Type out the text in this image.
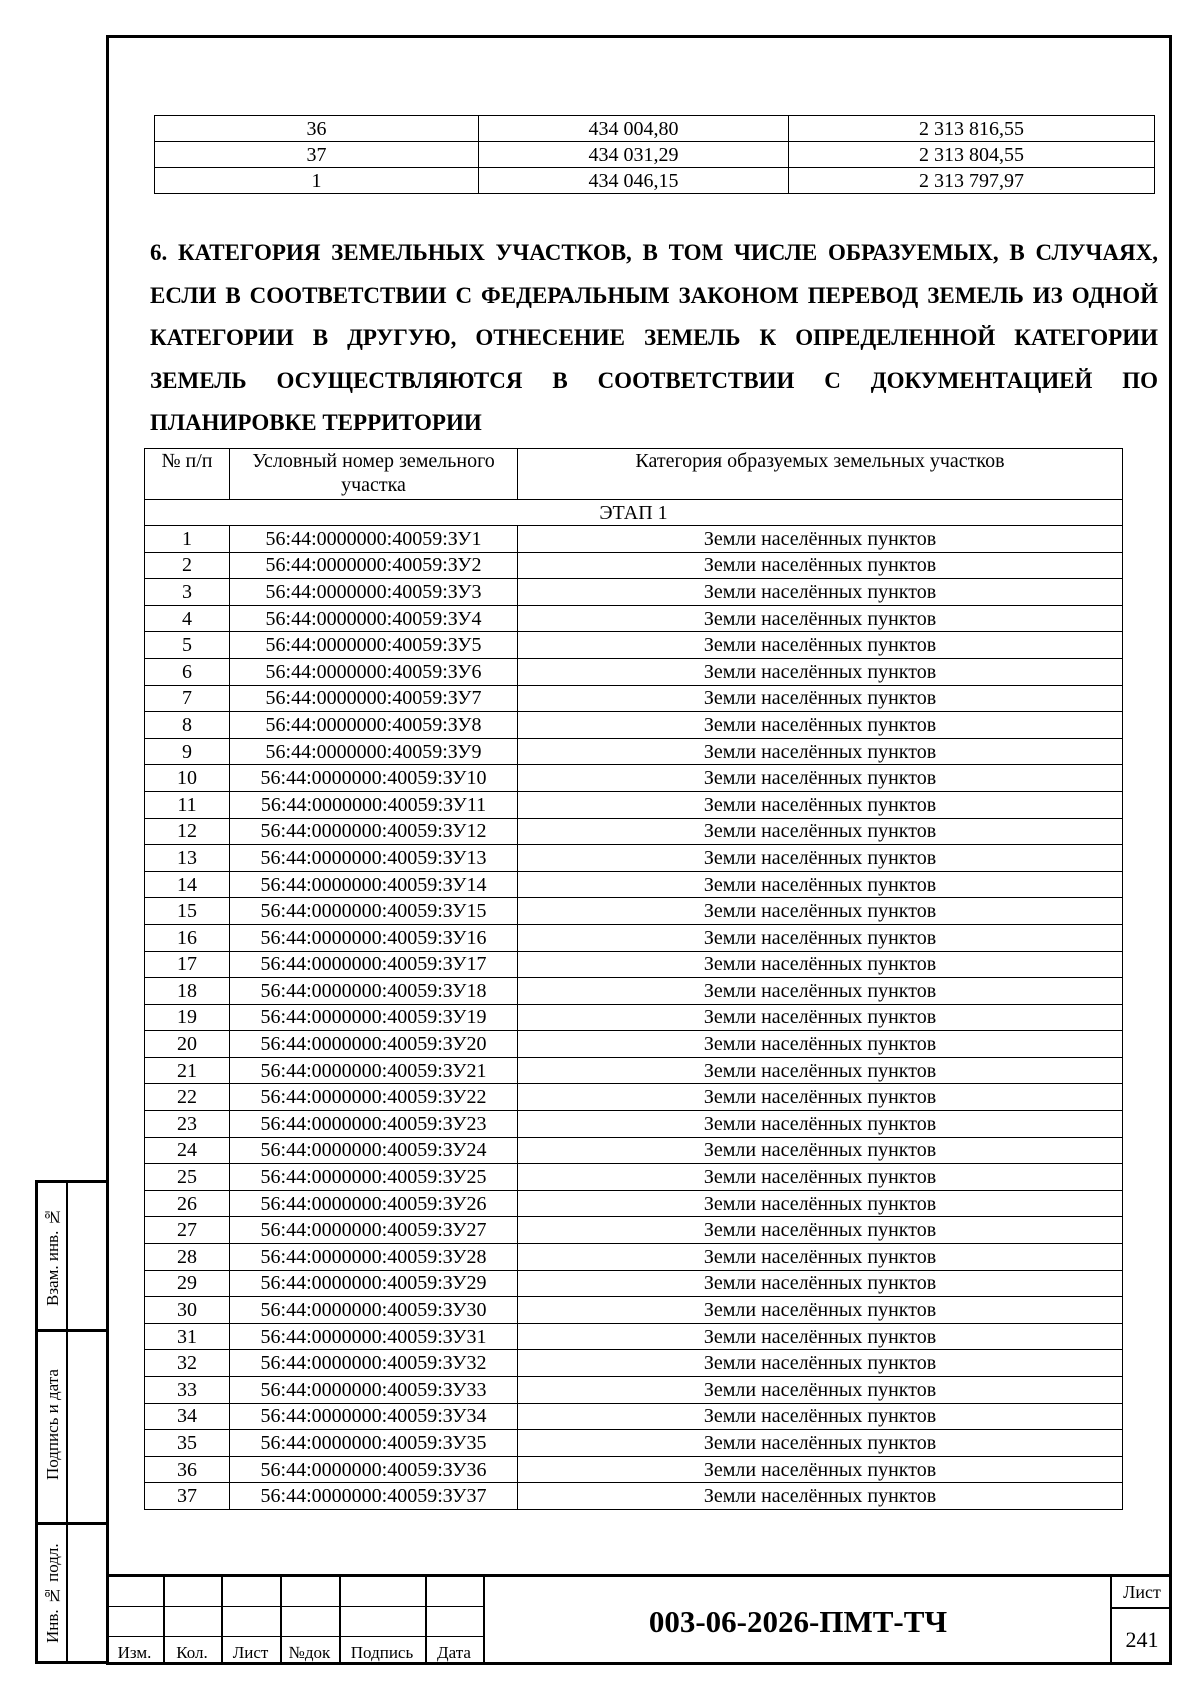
36	434 004,80	2 313 816,55
37	434 031,29	2 313 804,55
1	434 046,15	2 313 797,97

6. КАТЕГОРИЯ ЗЕМЕЛЬНЫХ УЧАСТКОВ, В ТОМ ЧИСЛЕ ОБРАЗУЕМЫХ, В СЛУЧАЯХ, ЕСЛИ В СООТВЕТСТВИИ С ФЕДЕРАЛЬНЫМ ЗАКОНОМ ПЕРЕВОД ЗЕМЕЛЬ ИЗ ОДНОЙ КАТЕГОРИИ В ДРУГУЮ, ОТНЕСЕНИЕ ЗЕМЕЛЬ К ОПРЕДЕЛЕННОЙ КАТЕГОРИИ ЗЕМЕЛЬ ОСУЩЕСТВЛЯЮТСЯ В СООТВЕТСТВИИ С ДОКУМЕНТАЦИЕЙ ПО ПЛАНИРОВКЕ ТЕРРИТОРИИ

№ п/п	Условный номер земельного участка	Категория образуемых земельных участков
ЭТАП 1		
1	56:44:0000000:40059:ЗУ1	Земли населённых пунктов
2	56:44:0000000:40059:ЗУ2	Земли населённых пунктов
3	56:44:0000000:40059:ЗУ3	Земли населённых пунктов
4	56:44:0000000:40059:ЗУ4	Земли населённых пунктов
5	56:44:0000000:40059:ЗУ5	Земли населённых пунктов
6	56:44:0000000:40059:ЗУ6	Земли населённых пунктов
7	56:44:0000000:40059:ЗУ7	Земли населённых пунктов
8	56:44:0000000:40059:ЗУ8	Земли населённых пунктов
9	56:44:0000000:40059:ЗУ9	Земли населённых пунктов
10	56:44:0000000:40059:ЗУ10	Земли населённых пунктов
11	56:44:0000000:40059:ЗУ11	Земли населённых пунктов
12	56:44:0000000:40059:ЗУ12	Земли населённых пунктов
13	56:44:0000000:40059:ЗУ13	Земли населённых пунктов
14	56:44:0000000:40059:ЗУ14	Земли населённых пунктов
15	56:44:0000000:40059:ЗУ15	Земли населённых пунктов
16	56:44:0000000:40059:ЗУ16	Земли населённых пунктов
17	56:44:0000000:40059:ЗУ17	Земли населённых пунктов
18	56:44:0000000:40059:ЗУ18	Земли населённых пунктов
19	56:44:0000000:40059:ЗУ19	Земли населённых пунктов
20	56:44:0000000:40059:ЗУ20	Земли населённых пунктов
21	56:44:0000000:40059:ЗУ21	Земли населённых пунктов
22	56:44:0000000:40059:ЗУ22	Земли населённых пунктов
23	56:44:0000000:40059:ЗУ23	Земли населённых пунктов
24	56:44:0000000:40059:ЗУ24	Земли населённых пунктов
25	56:44:0000000:40059:ЗУ25	Земли населённых пунктов
26	56:44:0000000:40059:ЗУ26	Земли населённых пунктов
27	56:44:0000000:40059:ЗУ27	Земли населённых пунктов
28	56:44:0000000:40059:ЗУ28	Земли населённых пунктов
29	56:44:0000000:40059:ЗУ29	Земли населённых пунктов
30	56:44:0000000:40059:ЗУ30	Земли населённых пунктов
31	56:44:0000000:40059:ЗУ31	Земли населённых пунктов
32	56:44:0000000:40059:ЗУ32	Земли населённых пунктов
33	56:44:0000000:40059:ЗУ33	Земли населённых пунктов
34	56:44:0000000:40059:ЗУ34	Земли населённых пунктов
35	56:44:0000000:40059:ЗУ35	Земли населённых пунктов
36	56:44:0000000:40059:ЗУ36	Земли населённых пунктов
37	56:44:0000000:40059:ЗУ37	Земли населённых пунктов
Взам. инв. №
Подпись и дата
Инв. № подл.
Изм.	Кол.	Лист	№док	Подпись	Дата
003-06-2026-ПМТ-ТЧ
Лист
241
